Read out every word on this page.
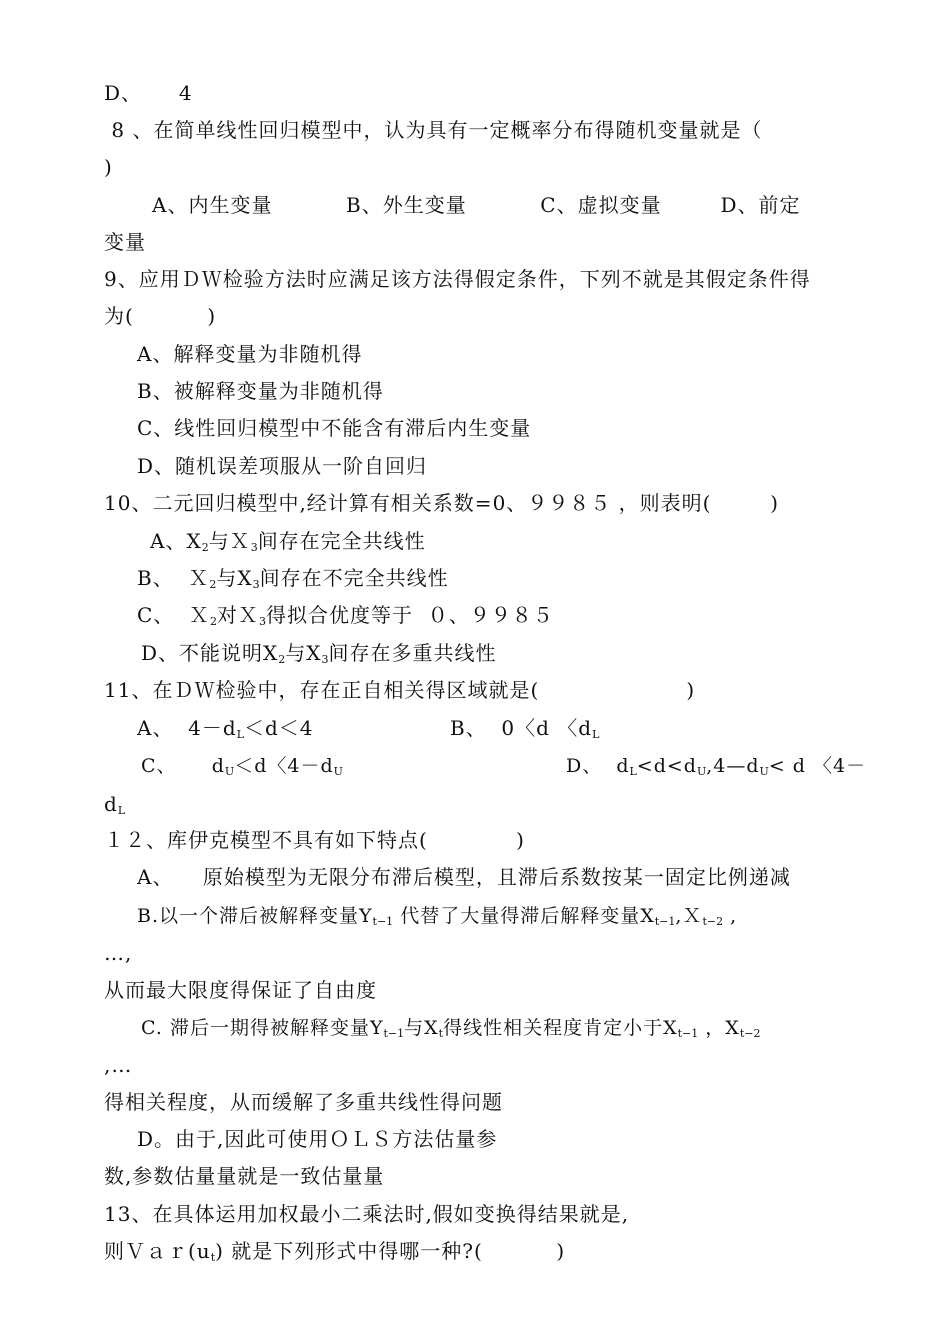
D、     4
8 、在简单线性回归模型中，认为具有一定概率分布得随机变量就是（
)
A、内生变量          B、外生变量          C、虚拟变量        D、前定
变量
9、应用ＤＷ检验方法时应满足该方法得假定条件，下列不就是其假定条件得
为(          )
A、解释变量为非随机得
B、被解释变量为非随机得
C、线性回归模型中不能含有滞后内生变量
D、随机误差项服从一阶自回归
10、二元回归模型中,经计算有相关系数=0、９９８５ ，则表明(        )
A、$X_2$与Ｘ$_3$间存在完全共线性
B、  Ｘ$_2$与$X_3$间存在不完全共线性
C、  Ｘ$_2$对Ｘ$_3$得拟合优度等于  ０、９９８５
D、不能说明$X_2$与$X_3$间存在多重共线性
11、在ＤＷ检验中，存在正自相关得区域就是(                    )
A、  $4-d_L<d<4$	B、  0〈d 〈$d_L$
C、     $d_U<d$〈$4-d_U$	D、  $d_L<d<d_U,4—d_U< d$ 〈4－
$d_L$
１２、库伊克模型不具有如下特点(            )
A、    原始模型为无限分布滞后模型，且滞后系数按某一固定比例递减
B.以一个滞后被解释变量$Y_{t-1}$ 代替了大量得滞后解释变量$X_{t-1},X_{t-2}$ ,
…,
从而最大限度得保证了自由度
C. 滞后一期得被解释变量$Y_{t-1}$与$X_t$得线性相关程度肯定小于$X_{t-1}$ ，$X_{t-2}$
,…
得相关程度，从而缓解了多重共线性得问题
D。由于,因此可使用ＯＬＳ方法估量参
数,参数估量量就是一致估量量
13、在具体运用加权最小二乘法时,假如变换得结果就是,
则$Var(u_t)$ 就是下列形式中得哪一种?(          )
